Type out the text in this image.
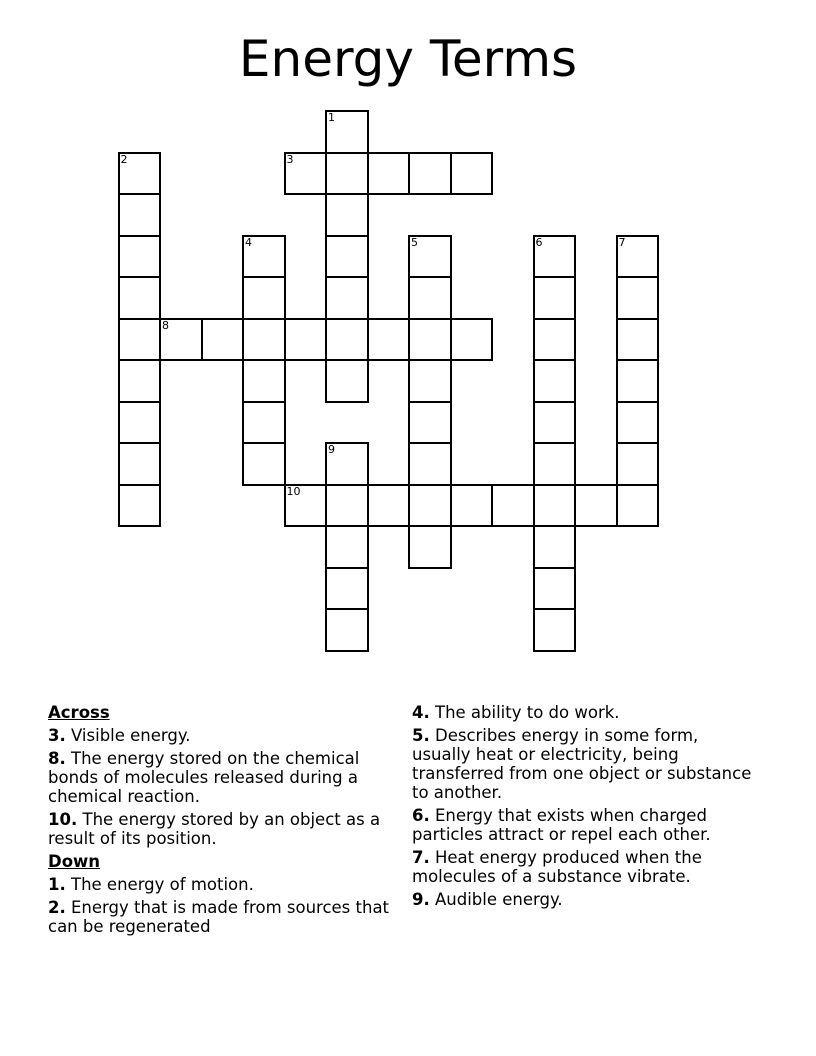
Energy Terms
1
2	3
4	5	6	7
8
9
10
Across
3. Visible energy.
8. The energy stored on the chemical bonds of molecules released during a chemical reaction.
10. The energy stored by an object as a result of its position.
Down
1. The energy of motion.
2. Energy that is made from sources that can be regenerated
4. The ability to do work.
5. Describes energy in some form, usually heat or electricity, being transferred from one object or substance to another.
6. Energy that exists when charged particles attract or repel each other.
7. Heat energy produced when the molecules of a substance vibrate.
9. Audible energy.
